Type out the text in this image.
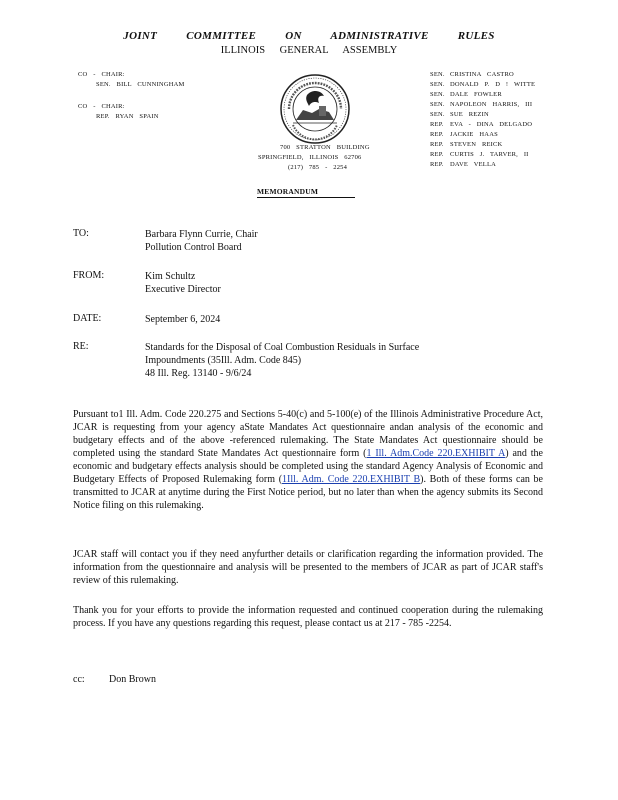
JOINT COMMITTEE ON ADMINISTRATIVE RULES
ILLINOIS GENERAL ASSEMBLY
CO - CHAIR:
SEN. BILL CUNNINGHAM
CO - CHAIR:
REP. RYAN SPAIN
SEN. CRISTINA CASTRO
SEN. DONALD P. D ! WITTE
SEN. DALE FOWLER
SEN. NAPOLEON HARRIS, III
SEN. SUE REZIN
REP. EVA - DINA DELGADO
REP. JACKIE HAAS
REP. STEVEN REICK
REP. CURTIS J. TARVER, II
REP. DAVE VELLA
700 STRATTON BUILDING
SPRINGFIELD, ILLINOIS 62706
(217) 785 - 2254
MEMORANDUM
TO:	Barbara Flynn Currie, Chair
Pollution Control Board
FROM:	Kim Schultz
Executive Director
DATE:	September 6, 2024
RE:	Standards for the Disposal of Coal Combustion Residuals in Surface
Impoundments (35Ill. Adm. Code 845)
48 Ill. Reg. 13140 - 9/6/24
Pursuant to1 Ill. Adm. Code 220.275 and Sections 5-40(c) and 5-100(e) of the Illinois Administrative Procedure Act, JCAR is requesting from your agency aState Mandates Act questionnaire andan analysis of the economic and budgetary effects and of the above -referenced rulemaking. The State Mandates Act questionnaire should be completed using the standard State Mandates Act questionnaire form (1 Ill. Adm.Code 220.EXHIBIT A) and the economic and budgetary effects analysis should be completed using the standard Agency Analysis of Economic and Budgetary Effects of Proposed Rulemaking form (1Ill. Adm. Code 220.EXHIBIT B). Both of these forms can be transmitted to JCAR at anytime during the First Notice period, but no later than when the agency submits its Second Notice filing on this rulemaking.
JCAR staff will contact you if they need anyfurther details or clarification regarding the information provided. The information from the questionnaire and analysis will be presented to the members of JCAR as part of JCAR staff's review of this rulemaking.
Thank you for your efforts to provide the information requested and continued cooperation during the rulemaking process. If you have any questions regarding this request, please contact us at 217 - 785 -2254.
cc: Don Brown
